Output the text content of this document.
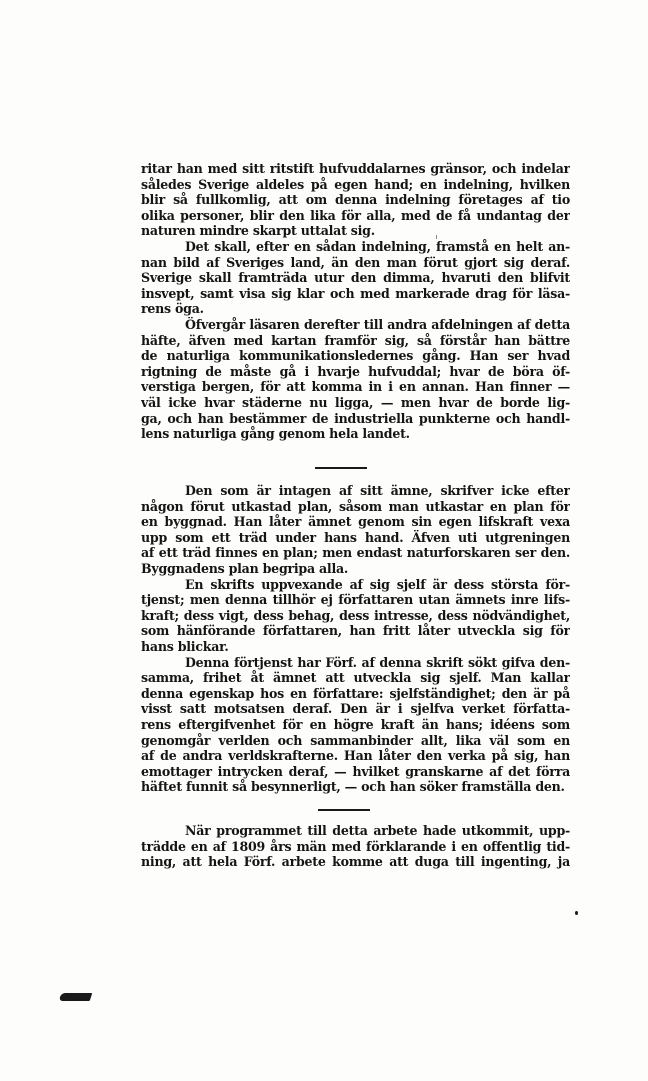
ritar han med sitt ritstift hufvuddalarnes gränsor, och indelar
således Sverige aldeles på egen hand; en indelning, hvilken
blir så fullkomlig, att om denna indelning företages af tio
olika personer, blir den lika för alla, med de få undantag der
naturen mindre skarpt uttalat sig.
Det skall, efter en sådan indelning, framstå en helt an-
nan bild af Sveriges land, än den man förut gjort sig deraf.
Sverige skall framträda utur den dimma, hvaruti den blifvit
insvept, samt visa sig klar och med markerade drag för läsa-
rens öga.
Öfvergår läsaren derefter till andra afdelningen af detta
häfte, äfven med kartan framför sig, så förstår han bättre
de naturliga kommunikationsledernes gång. Han ser hvad
rigtning de måste gå i hvarje hufvuddal; hvar de böra öf-
verstiga bergen, för att komma in i en annan. Han finner —
väl icke hvar städerne nu ligga, — men hvar de borde lig-
ga, och han bestämmer de industriella punkterne och handl-
lens naturliga gång genom hela landet.
Den som är intagen af sitt ämne, skrifver icke efter
någon förut utkastad plan, såsom man utkastar en plan för
en byggnad. Han låter ämnet genom sin egen lifskraft vexa
upp som ett träd under hans hand. Äfven uti utgreningen
af ett träd finnes en plan; men endast naturforskaren ser den.
Byggnadens plan begripa alla.
En skrifts uppvexande af sig sjelf är dess största för-
tjenst; men denna tillhör ej författaren utan ämnets inre lifs-
kraft; dess vigt, dess behag, dess intresse, dess nödvändighet,
som hänförande författaren, han fritt låter utveckla sig för
hans blickar.
Denna förtjenst har Förf. af denna skrift sökt gifva den-
samma, frihet åt ämnet att utveckla sig sjelf. Man kallar
denna egenskap hos en författare: sjelfständighet; den är på
visst satt motsatsen deraf. Den är i sjelfva verket författa-
rens eftergifvenhet för en högre kraft än hans; idéens som
genomgår verlden och sammanbinder allt, lika väl som en
af de andra verldskrafterne. Han låter den verka på sig, han
emottager intrycken deraf, — hvilket granskarne af det förra
häftet funnit så besynnerligt, — och han söker framställa den.
När programmet till detta arbete hade utkommit, upp-
trädde en af 1809 års män med förklarande i en offentlig tid-
ning, att hela Förf. arbete komme att duga till ingenting, ja
